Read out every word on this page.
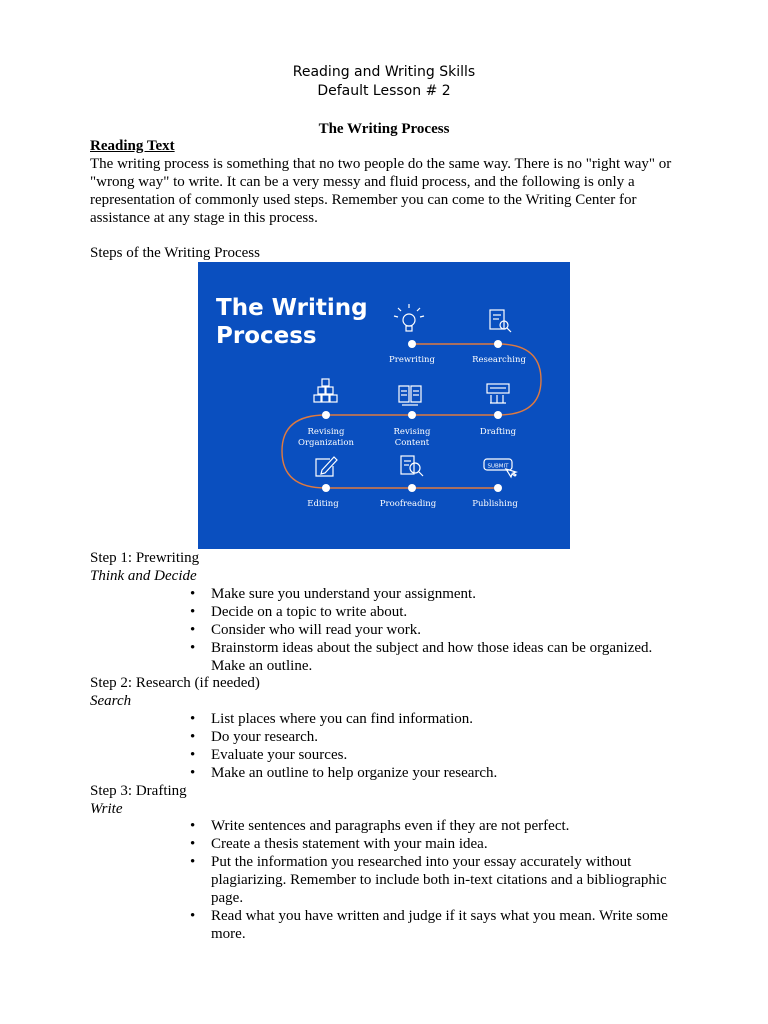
Reading and Writing Skills
Default Lesson # 2
The Writing Process
Reading Text

The writing process is something that no two people do the same way. There is no "right way" or "wrong way" to write. It can be a very messy and fluid process, and the following is only a representation of commonly used steps. Remember you can come to the Writing Center for assistance at any stage in this process.

Steps of the Writing Process
The Writing
Process
SUBMIT
Prewriting	Researching
Drafting
Revising
Content
Revising
Organization
Editing	Proofreading	Publishing
Step 1: Prewriting
Think and Decide
• Make sure you understand your assignment.
• Decide on a topic to write about.
• Consider who will read your work.
• Brainstorm ideas about the subject and how those ideas can be organized. Make an outline.
Step 2: Research (if needed)
Search
• List places where you can find information.
• Do your research.
• Evaluate your sources.
• Make an outline to help organize your research.
Step 3: Drafting
Write
• Write sentences and paragraphs even if they are not perfect.
• Create a thesis statement with your main idea.
• Put the information you researched into your essay accurately without plagiarizing. Remember to include both in-text citations and a bibliographic page.
• Read what you have written and judge if it says what you mean. Write some more.
